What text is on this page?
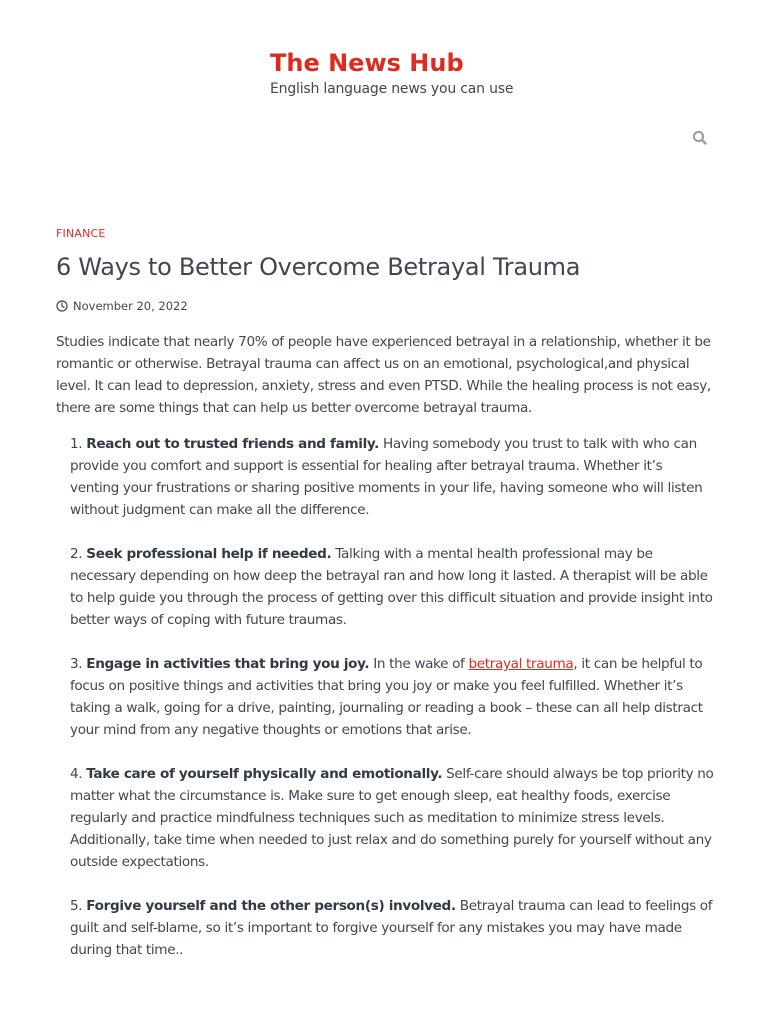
The News Hub
English language news you can use
FINANCE
6 Ways to Better Overcome Betrayal Trauma
November 20, 2022

Studies indicate that nearly 70% of people have experienced betrayal in a relationship, whether it be romantic or otherwise. Betrayal trauma can affect us on an emotional, psychological,and physical level. It can lead to depression, anxiety, stress and even PTSD. While the healing process is not easy, there are some things that can help us better overcome betrayal trauma.

1. Reach out to trusted friends and family. Having somebody you trust to talk with who can provide you comfort and support is essential for healing after betrayal trauma. Whether it’s venting your frustrations or sharing positive moments in your life, having someone who will listen without judgment can make all the difference.
2. Seek professional help if needed. Talking with a mental health professional may be necessary depending on how deep the betrayal ran and how long it lasted. A therapist will be able to help guide you through the process of getting over this difficult situation and provide insight into better ways of coping with future traumas.
3. Engage in activities that bring you joy. In the wake of betrayal trauma, it can be helpful to focus on positive things and activities that bring you joy or make you feel fulfilled. Whether it’s taking a walk, going for a drive, painting, journaling or reading a book – these can all help distract your mind from any negative thoughts or emotions that arise.
4. Take care of yourself physically and emotionally. Self-care should always be top priority no matter what the circumstance is. Make sure to get enough sleep, eat healthy foods, exercise regularly and practice mindfulness techniques such as meditation to minimize stress levels. Additionally, take time when needed to just relax and do something purely for yourself without any outside expectations.
5. Forgive yourself and the other person(s) involved. Betrayal trauma can lead to feelings of guilt and self-blame, so it’s important to forgive yourself for any mistakes you may have made during that time..
